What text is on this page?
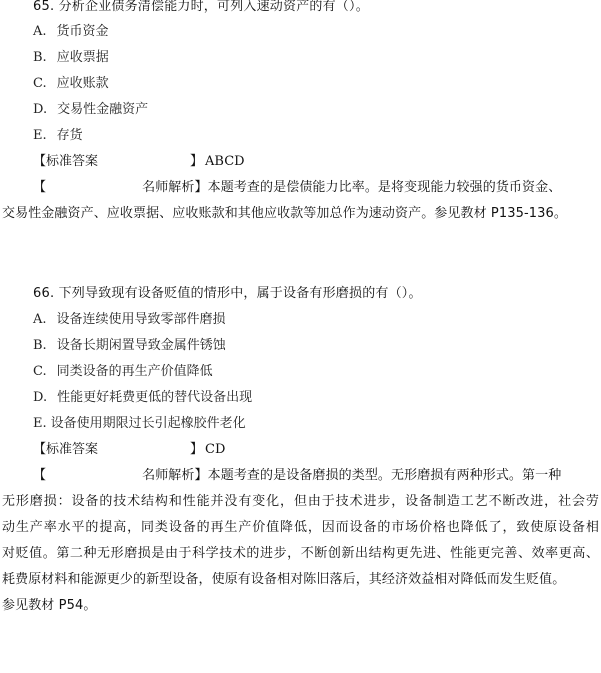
65. 分析企业债务清偿能力时，可列入速动资产的有（）。
A. 货币资金
B. 应收票据
C. 应收账款
D. 交易性金融资产
E. 存货
【标准答案	】 ABCD
【	名师解析】本题考查的是偿债能力比率。是将变现能力较强的货币资金、
交易性金融资产、应收票据、应收账款和其他应收款等加总作为速动资产。参见教材 P135-136。
66. 下列导致现有设备贬值的情形中，属于设备有形磨损的有（）。
A. 设备连续使用导致零部件磨损
B. 设备长期闲置导致金属件锈蚀
C. 同类设备的再生产价值降低
D. 性能更好耗费更低的替代设备出现
E. 设备使用期限过长引起橡胶件老化
【标准答案	】 CD
【	名师解析】本题考查的是设备磨损的类型。无形磨损有两种形式。第一种
无形磨损：设备的技术结构和性能并没有变化，但由于技术进步，设备制造工艺不断改进，社会劳
动生产率水平的提高，同类设备的再生产价值降低，因而设备的市场价格也降低了，致使原设备相
对贬值。第二种无形磨损是由于科学技术的进步，不断创新出结构更先进、性能更完善、效率更高、
耗费原材料和能源更少的新型设备，使原有设备相对陈旧落后，其经济效益相对降低而发生贬值。
参见教材 P54。
